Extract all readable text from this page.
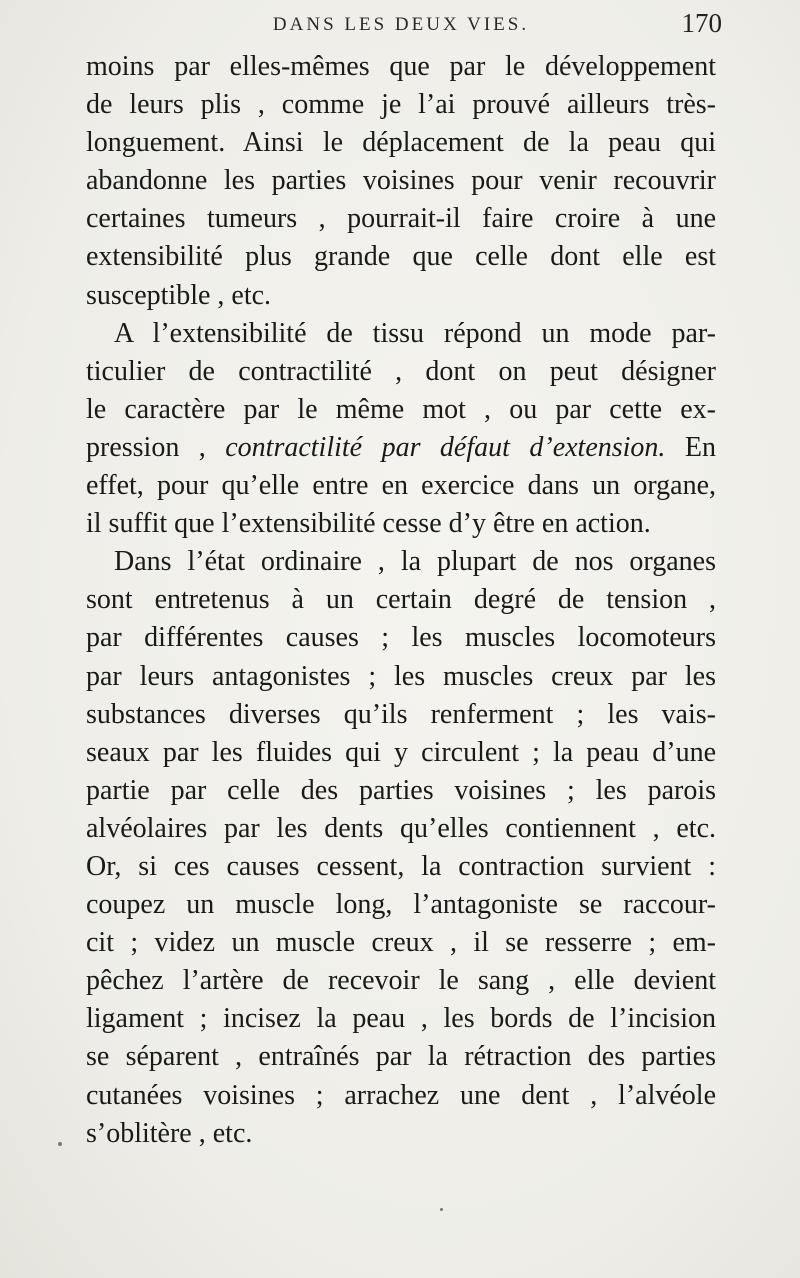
DANS LES DEUX VIES.	170
moins par elles-mêmes que par le développement
de leurs plis , comme je l’ai prouvé ailleurs très-
longuement. Ainsi le déplacement de la peau qui
abandonne les parties voisines pour venir recouvrir
certaines tumeurs , pourrait-il faire croire à une
extensibilité plus grande que celle dont elle est
susceptible , etc.
A l’extensibilité de tissu répond un mode par-
ticulier de contractilité , dont on peut désigner
le caractère par le même mot , ou par cette ex-
pression , contractilité par défaut d’extension. En
effet, pour qu’elle entre en exercice dans un organe,
il suffit que l’extensibilité cesse d’y être en action.
Dans l’état ordinaire , la plupart de nos organes
sont entretenus à un certain degré de tension ,
par différentes causes ; les muscles locomoteurs
par leurs antagonistes ; les muscles creux par les
substances diverses qu’ils renferment ; les vais-
seaux par les fluides qui y circulent ; la peau d’une
partie par celle des parties voisines ; les parois
alvéolaires par les dents qu’elles contiennent , etc.
Or, si ces causes cessent, la contraction survient :
coupez un muscle long, l’antagoniste se raccour-
cit ; videz un muscle creux , il se resserre ; em-
pêchez l’artère de recevoir le sang , elle devient
ligament ; incisez la peau , les bords de l’incision
se séparent , entraînés par la rétraction des parties
cutanées voisines ; arrachez une dent , l’alvéole
s’oblitère , etc.
